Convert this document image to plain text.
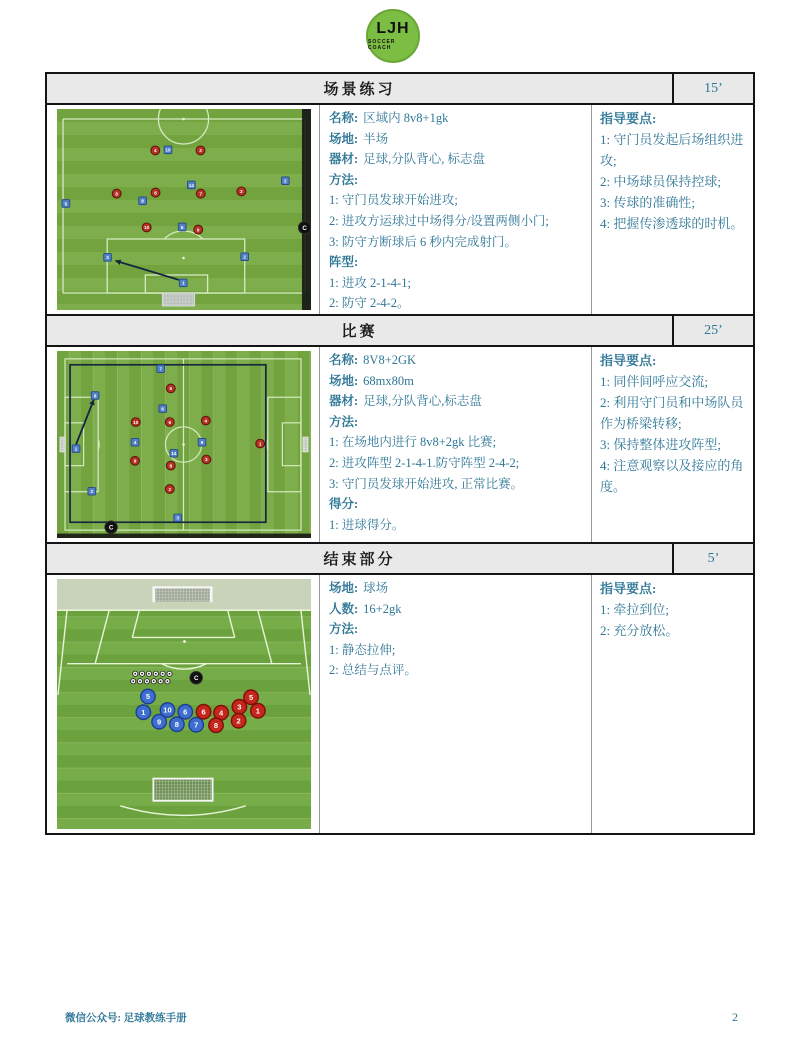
LJH
SOCCER COACH
场景练习	15’
4 10	3
2
14
8	6	7	2
8
5
10	6
9
3	2
1
C
名称: 区域内 8v8+1gk
场地: 半场
器材: 足球,分队背心, 标志盘
方法:
1: 守门员发球开始进攻;
2: 进攻方运球过中场得分/设置两侧小门;
3: 防守方断球后 6 秒内完成射门。
阵型:
1: 进攻 2-1-4-1;
2: 防守 2-4-2。
指导要点:
1: 守门员发起后场组织进攻;
2: 中场球员保持控球;
3: 传球的准确性;
4: 把握传渗透球的时机。
比赛	25’
7
8
5
6
10	6	4
4	9
1
14
9	3
8
2
2
1
3
C
名称: 8V8+2GK
场地: 68mx80m
器材: 足球,分队背心,标志盘
方法:
1: 在场地内进行 8v8+2gk 比赛;
2: 进攻阵型 2-1-4-1.防守阵型 2-4-2;
3: 守门员发球开始进攻, 正常比赛。
得分:
1: 进球得分。
指导要点:
1: 同伴间呼应交流;
2: 利用守门员和中场队员作为桥梁转移;
3: 保持整体进攻阵型;
4: 注意观察以及接应的角度。
结束部分	5’
5
1 10 6
9 8 7
5
3 1
6 4
2
8
C
场地: 球场
人数: 16+2gk
方法:
1: 静态拉伸;
2: 总结与点评。
指导要点:
1: 牵拉到位;
2: 充分放松。
微信公众号: 足球教练手册	2
